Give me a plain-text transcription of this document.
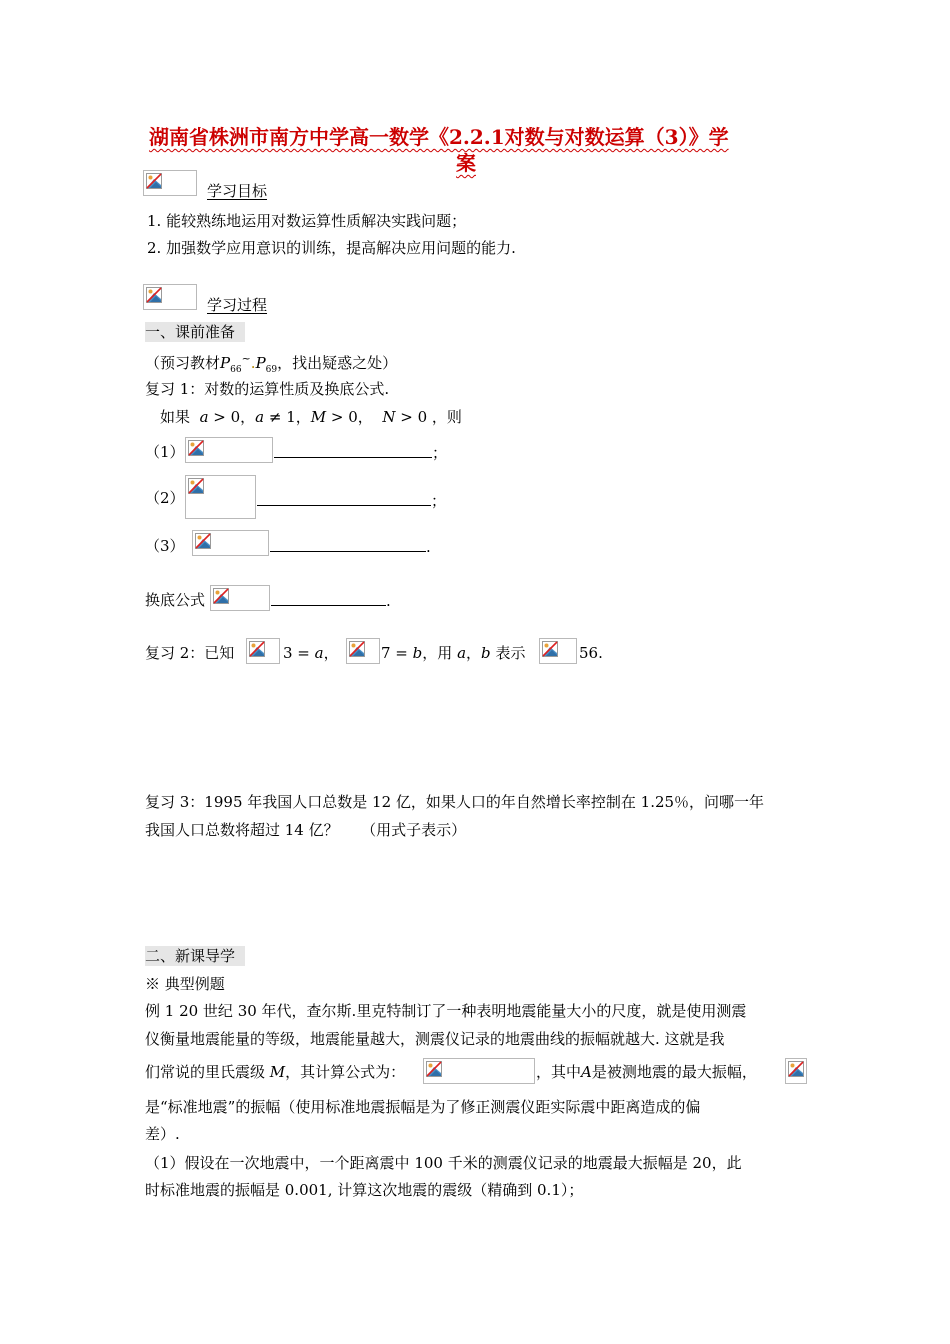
湖南省株洲市南方中学高一数学《2.2.1对数与对数运算（3）》学
案
学习目标
1. 能较熟练地运用对数运算性质解决实践问题；
2. 加强数学应用意识的训练，提高解决应用问题的能力.
学习过程
一、课前准备
（预习教材$P_{66}^\sim.P_{69}$，找出疑惑之处）
复习 1：对数的运算性质及换底公式.
如果 a > 0，a ≠ 1，M > 0， N > 0 ，则
（1）	；
（2）	；
（3）	.
换底公式	.
复习 2：已知	3 = a，	7 = b，用 a，b 表示	56.
复习 3：1995 年我国人口总数是 12 亿，如果人口的年自然增长率控制在 1.25％，问哪一年
我国人口总数将超过 14 亿？　　（用式子表示）
二、新课导学
※ 典型例题
例 1 20 世纪 30 年代，查尔斯.里克特制订了一种表明地震能量大小的尺度，就是使用测震
仪衡量地震能量的等级，地震能量越大，测震仪记录的地震曲线的振幅就越大. 这就是我
们常说的里氏震级 M，其计算公式为：	，其中A是被测地震的最大振幅，
是“标准地震”的振幅（使用标准地震振幅是为了修正测震仪距实际震中距离造成的偏
差）.
（1）假设在一次地震中，一个距离震中 100 千米的测震仪记录的地震最大振幅是 20，此
时标准地震的振幅是 0.001, 计算这次地震的震级（精确到 0.1）；
